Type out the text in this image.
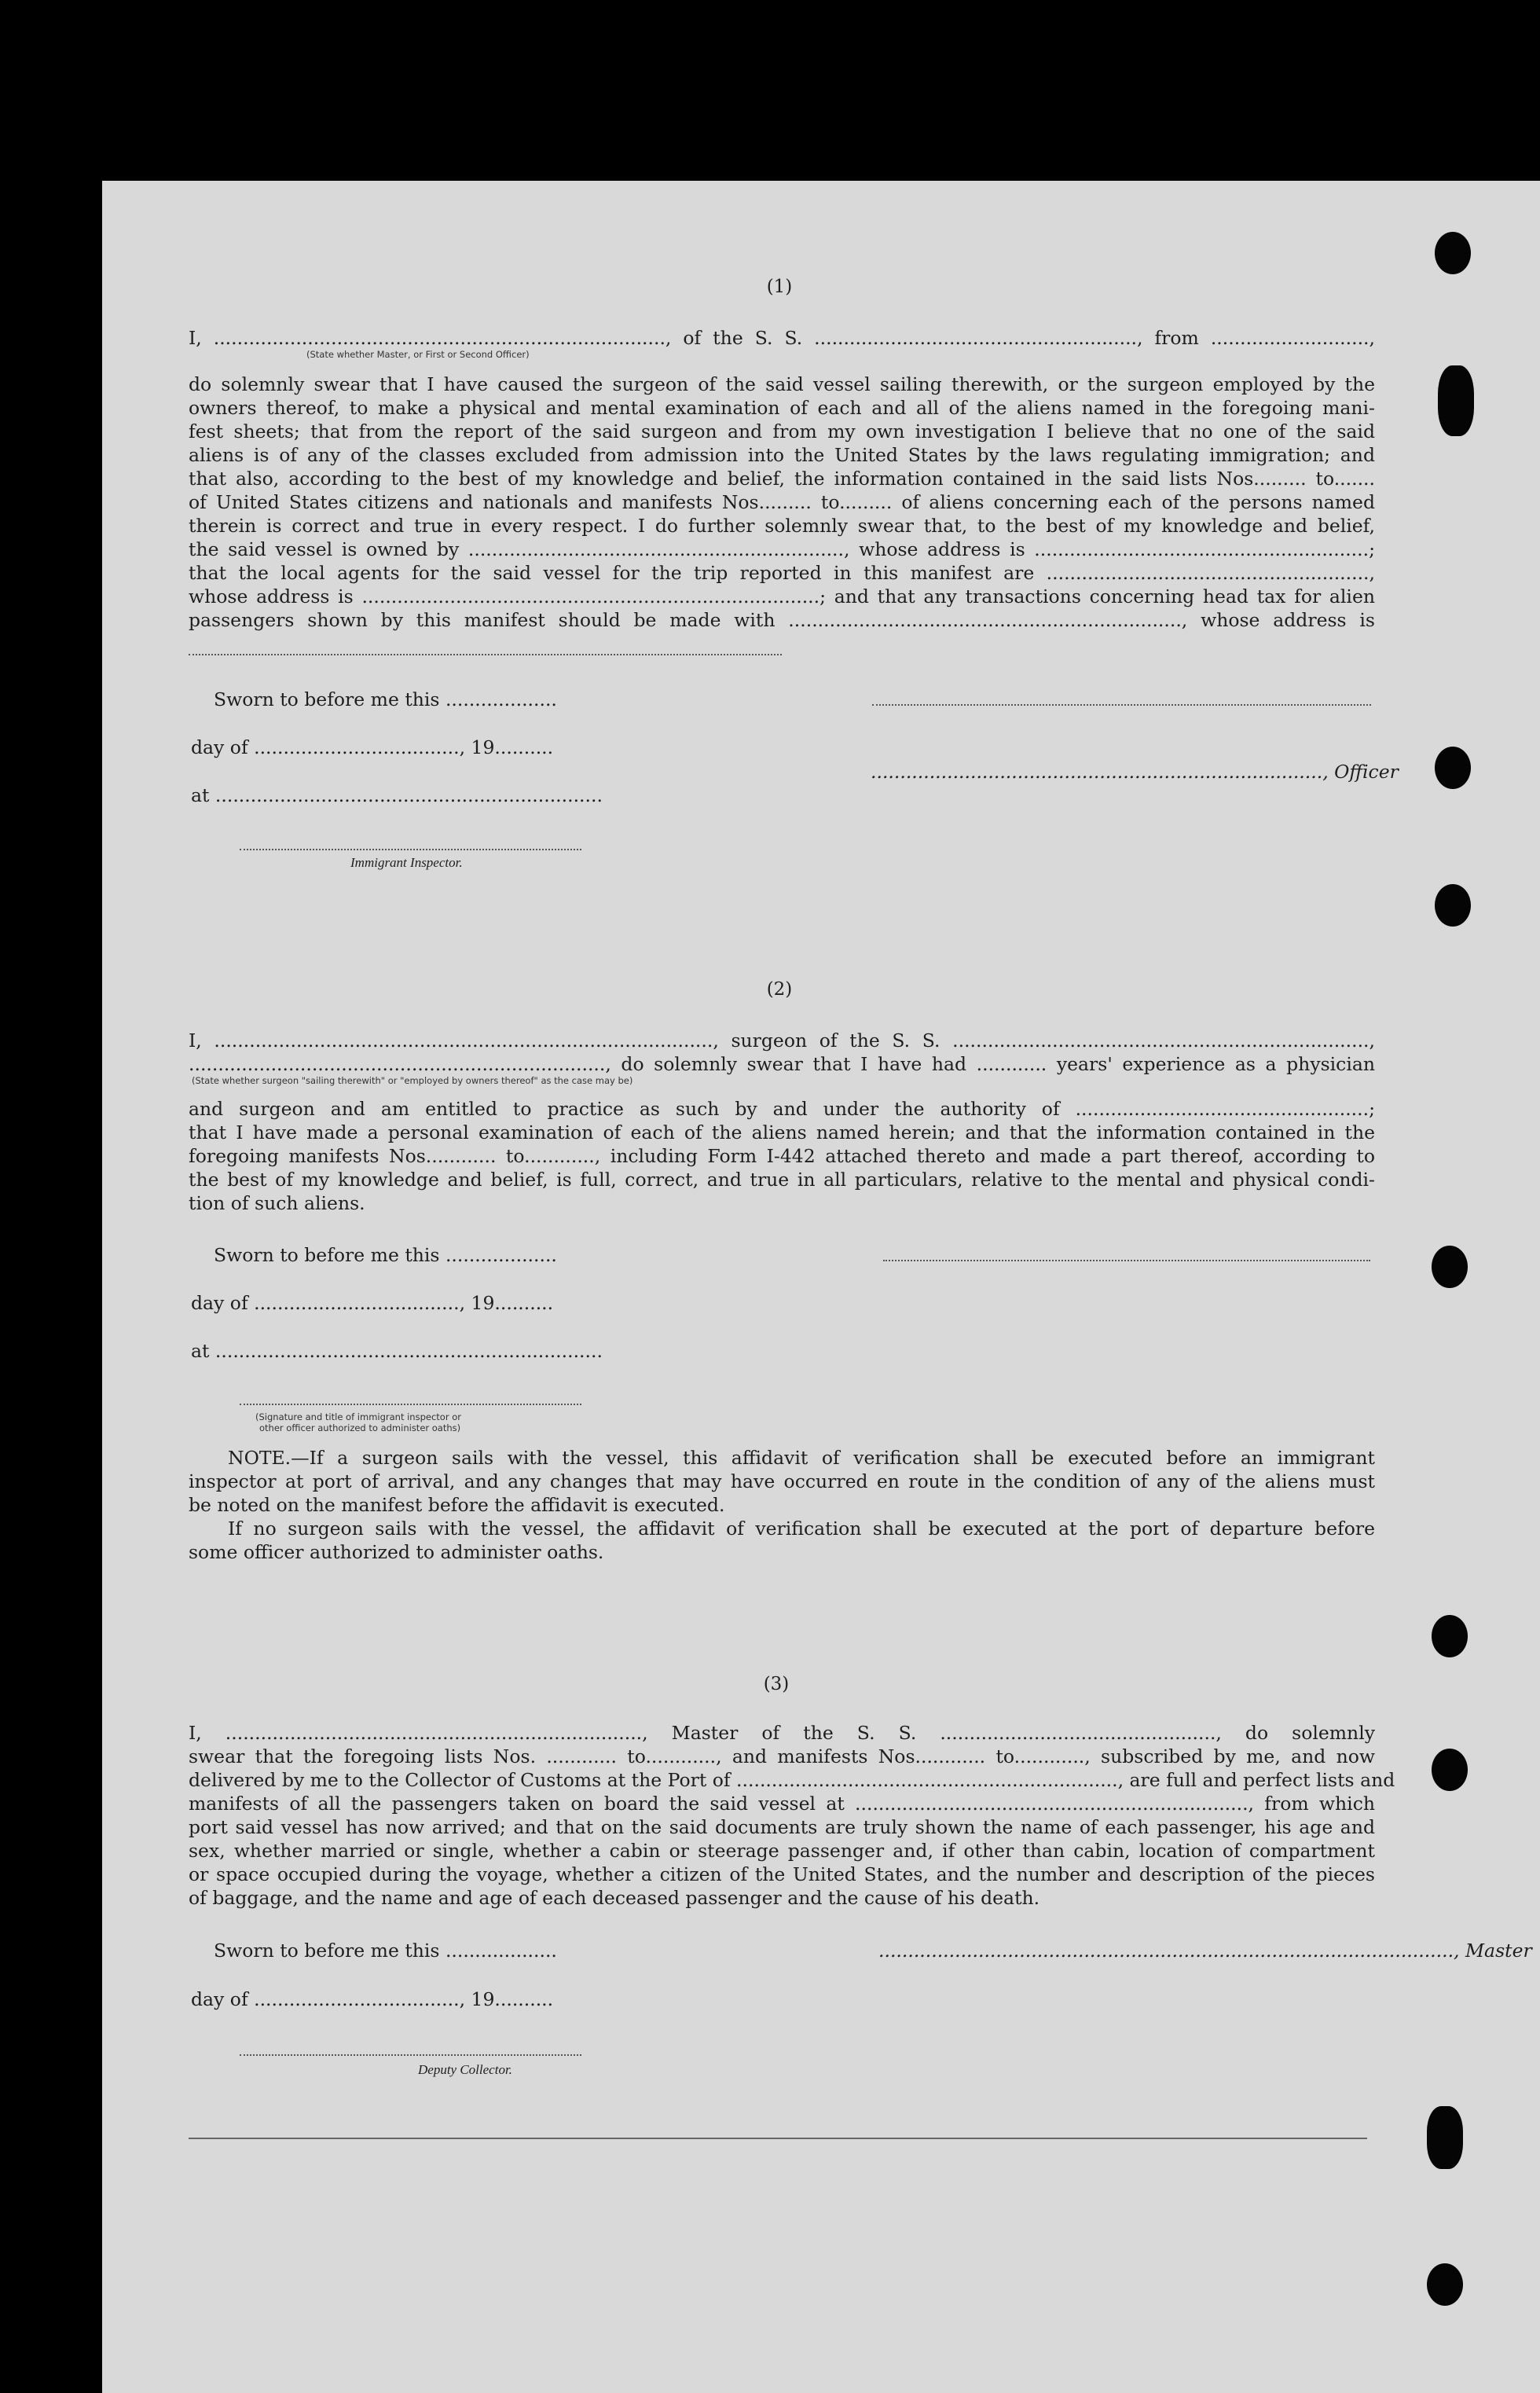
(1)
I, ............................................................................., of the S. S. ......................................................., from ...........................,
(State whether Master, or First or Second Officer)
do solemnly swear that I have caused the surgeon of the said vessel sailing therewith, or the surgeon employed by the
owners thereof, to make a physical and mental examination of each and all of the aliens named in the foregoing mani-
fest sheets; that from the report of the said surgeon and from my own investigation I believe that no one of the said
aliens is of any of the classes excluded from admission into the United States by the laws regulating immigration; and
that also, according to the best of my knowledge and belief, the information contained in the said lists Nos......... to.......
of United States citizens and nationals and manifests Nos......... to......... of aliens concerning each of the persons named
therein is correct and true in every respect. I do further solemnly swear that, to the best of my knowledge and belief,
the said vessel is owned by ................................................................, whose address is .........................................................;
that the local agents for the said vessel for the trip reported in this manifest are .......................................................,
whose address is ..............................................................................; and that any transactions concerning head tax for alien
passengers shown by this manifest should be made with ..................................................................., whose address is
Sworn to before me this ...................
day of ..................................., 19..........
............................................................................., Officer
at ..................................................................
Immigrant Inspector.
(2)
I, ....................................................................................., surgeon of the S. S. .......................................................................,
......................................................................., do solemnly swear that I have had ............ years' experience as a physician
(State whether surgeon "sailing therewith" or "employed by owners thereof" as the case may be)
and surgeon and am entitled to practice as such by and under the authority of ..................................................;
that I have made a personal examination of each of the aliens named herein; and that the information contained in the
foregoing manifests Nos............ to............, including Form I-442 attached thereto and made a part thereof, according to
the best of my knowledge and belief, is full, correct, and true in all particulars, relative to the mental and physical condi-
tion of such aliens.
Sworn to before me this ...................
day of ..................................., 19..........
at ..................................................................
(Signature and title of immigrant inspector or
other officer authorized to administer oaths)
NOTE.—If a surgeon sails with the vessel, this affidavit of verification shall be executed before an immigrant
inspector at port of arrival, and any changes that may have occurred en route in the condition of any of the aliens must
be noted on the manifest before the affidavit is executed.
If no surgeon sails with the vessel, the affidavit of verification shall be executed at the port of departure before
some officer authorized to administer oaths.
(3)
I, ......................................................................., Master of the S. S. ..............................................., do solemnly
swear that the foregoing lists Nos. ............ to............, and manifests Nos............ to............, subscribed by me, and now
delivered by me to the Collector of Customs at the Port of ................................................................., are full and perfect lists and
manifests of all the passengers taken on board the said vessel at ..................................................................., from which
port said vessel has now arrived; and that on the said documents are truly shown the name of each passenger, his age and
sex, whether married or single, whether a cabin or steerage passenger and, if other than cabin, location of compartment
or space occupied during the voyage, whether a citizen of the United States, and the number and description of the pieces
of baggage, and the name and age of each deceased passenger and the cause of his death.
Sworn to before me this ...................	.................................................................................................., Master
day of ..................................., 19..........
Deputy Collector.
